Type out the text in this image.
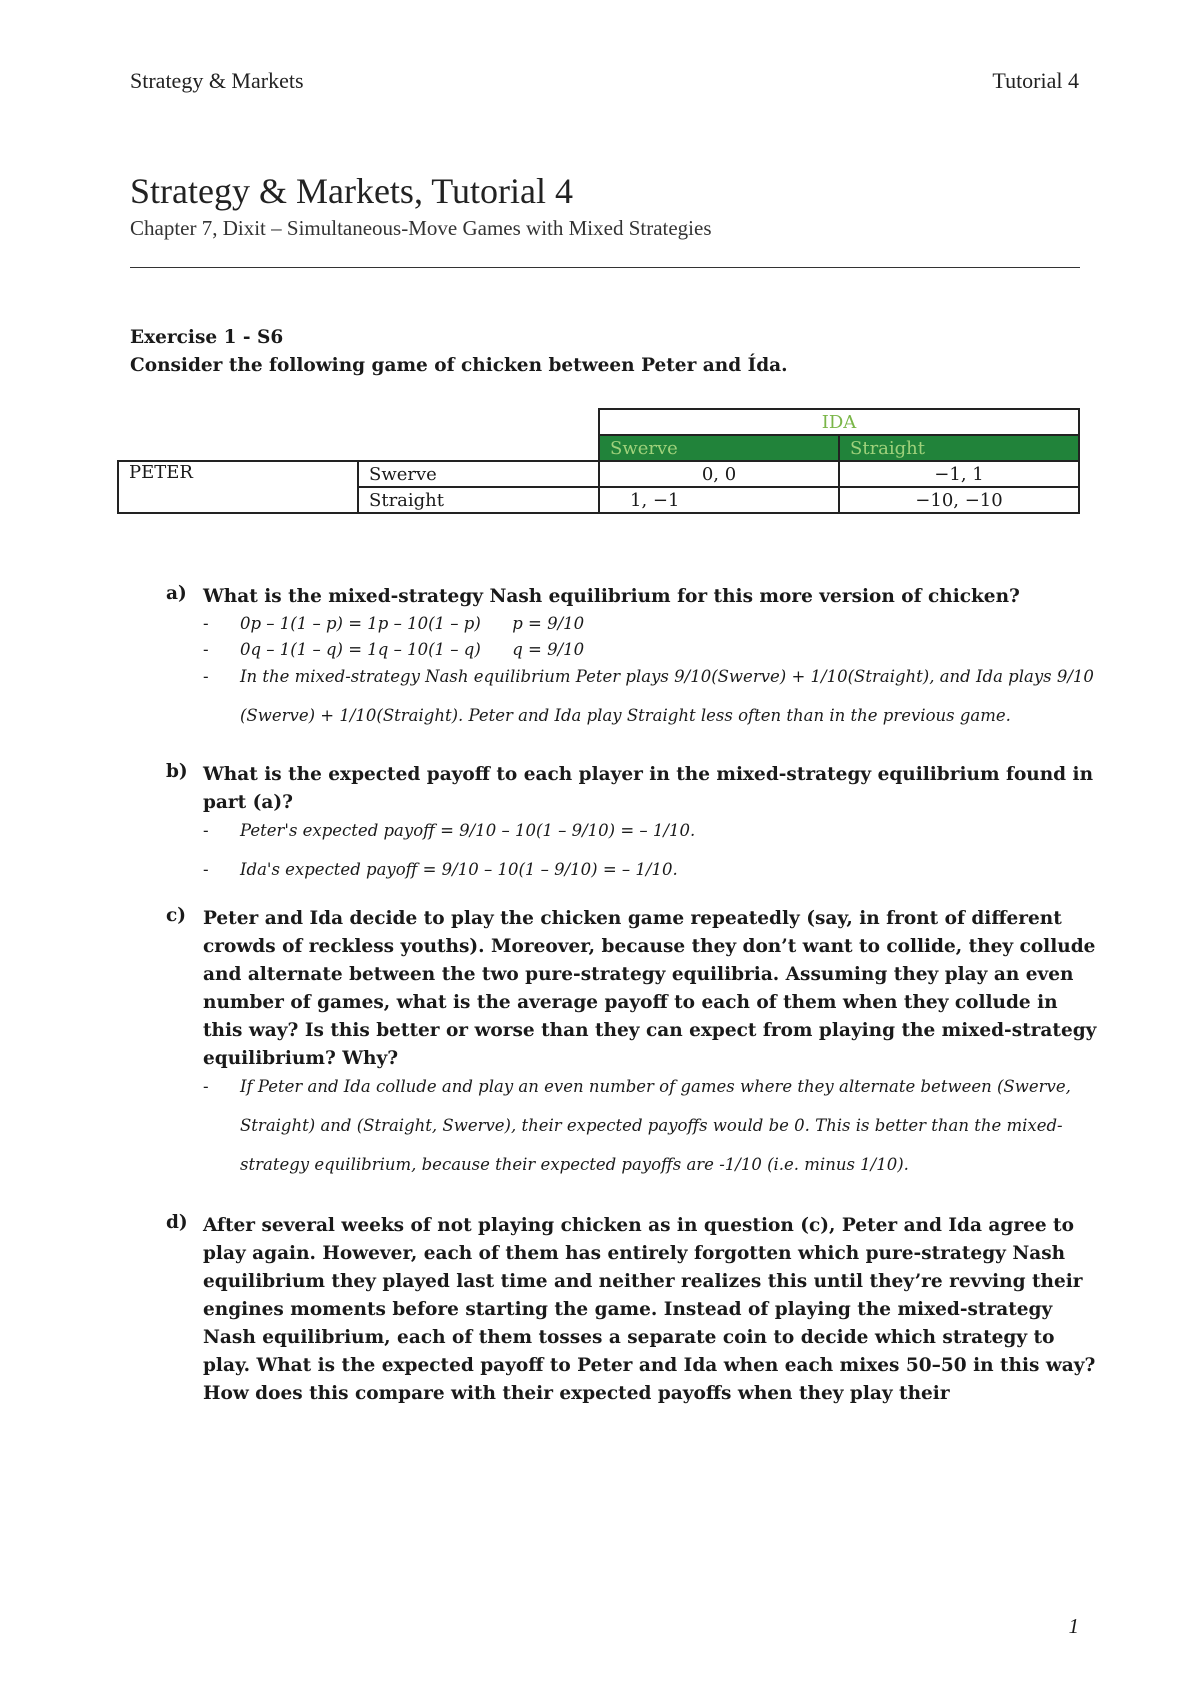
Strategy & Markets	Tutorial 4
Strategy & Markets, Tutorial 4
Chapter 7, Dixit – Simultaneous-Move Games with Mixed Strategies
Exercise 1 - S6
Consider the following game of chicken between Peter and Ída.
		IDA	
		Swerve	Straight
PETER	Swerve	0, 0	−1, 1
	Straight	1, −1	−10, −10
a) What is the mixed-strategy Nash equilibrium for this more version of chicken?
- 0p – 1(1 – p) = 1p – 10(1 – p)      p = 9/10
- 0q – 1(1 – q) = 1q – 10(1 – q)      q = 9/10
- In the mixed-strategy Nash equilibrium Peter plays 9/10(Swerve) + 1/10(Straight), and Ida plays 9/10 (Swerve) + 1/10(Straight). Peter and Ida play Straight less often than in the previous game.
b) What is the expected payoff to each player in the mixed-strategy equilibrium found in part (a)?
- Peter's expected payoff = 9/10 – 10(1 – 9/10) = – 1/10.
- Ida's expected payoff = 9/10 – 10(1 – 9/10) = – 1/10.
c) Peter and Ida decide to play the chicken game repeatedly (say, in front of different crowds of reckless youths). Moreover, because they don’t want to collide, they collude and alternate between the two pure-strategy equilibria. Assuming they play an even number of games, what is the average payoff to each of them when they collude in this way? Is this better or worse than they can expect from playing the mixed-strategy equilibrium? Why?
- If Peter and Ida collude and play an even number of games where they alternate between (Swerve, Straight) and (Straight, Swerve), their expected payoffs would be 0. This is better than the mixed-strategy equilibrium, because their expected payoffs are -1/10 (i.e. minus 1/10).
d) After several weeks of not playing chicken as in question (c), Peter and Ida agree to play again. However, each of them has entirely forgotten which pure-strategy Nash equilibrium they played last time and neither realizes this until they’re revving their engines moments before starting the game. Instead of playing the mixed-strategy Nash equilibrium, each of them tosses a separate coin to decide which strategy to play. What is the expected payoff to Peter and Ida when each mixes 50–50 in this way? How does this compare with their expected payoffs when they play their
1
